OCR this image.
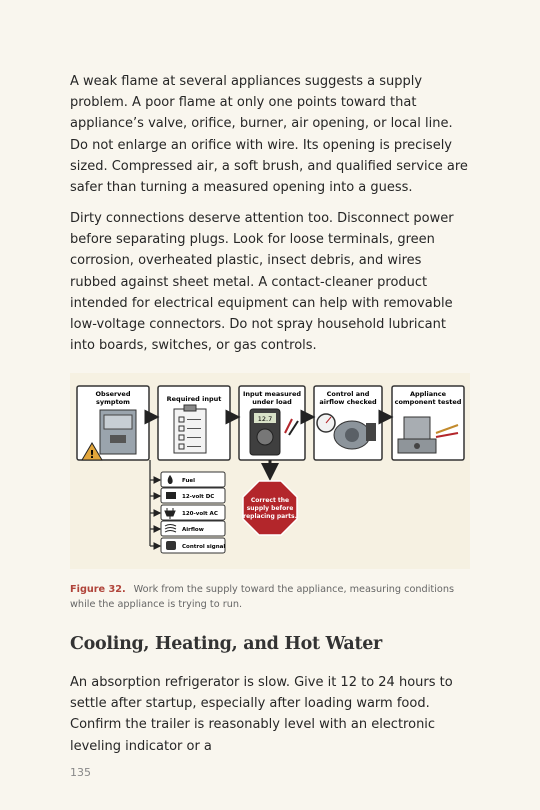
A weak flame at several appliances suggests a supply problem. A poor flame at only one points toward that appliance’s valve, orifice, burner, air opening, or local line. Do not enlarge an orifice with wire. Its opening is precisely sized. Compressed air, a soft brush, and qualified service are safer than turning a measured opening into a guess.

Dirty connections deserve attention too. Disconnect power before separating plugs. Look for loose terminals, green corrosion, overheated plastic, insect debris, and wires rubbed against sheet metal. A contact-cleaner product intended for electrical equipment can help with removable low-voltage connectors. Do not spray household lubricant into boards, switches, or gas controls.

Observed
symptom
!
Required input
Input measured
under load
12.7
Control and
airflow checked
Appliance
component tested
Correct the
supply before
replacing parts.
Fuel
12-volt DC
120-volt AC
Airflow
Control signal
Figure 32. Work from the supply toward the appliance, measuring conditions while the appliance is trying to run.
Cooling, Heating, and Hot Water

An absorption refrigerator is slow. Give it 12 to 24 hours to settle after startup, especially after loading warm food. Confirm the trailer is reasonably level with an electronic leveling indicator or a

135
